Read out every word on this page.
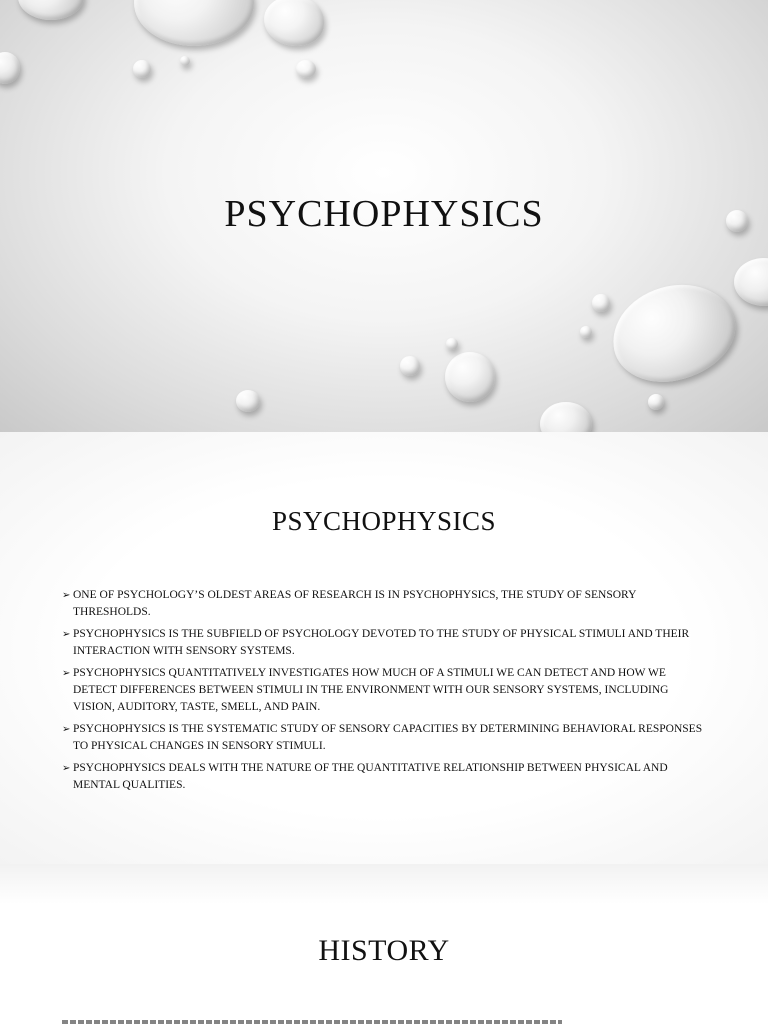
PSYCHOPHYSICS
PSYCHOPHYSICS
➢ ONE OF PSYCHOLOGY’S OLDEST AREAS OF RESEARCH IS IN PSYCHOPHYSICS, THE STUDY OF SENSORY THRESHOLDS.
➢ PSYCHOPHYSICS IS THE SUBFIELD OF PSYCHOLOGY DEVOTED TO THE STUDY OF PHYSICAL STIMULI AND THEIR INTERACTION WITH SENSORY SYSTEMS.
➢ PSYCHOPHYSICS QUANTITATIVELY INVESTIGATES HOW MUCH OF A STIMULI WE CAN DETECT AND HOW WE DETECT DIFFERENCES BETWEEN STIMULI IN THE ENVIRONMENT WITH OUR SENSORY SYSTEMS, INCLUDING VISION, AUDITORY, TASTE, SMELL, AND PAIN.
➢ PSYCHOPHYSICS IS THE SYSTEMATIC STUDY OF SENSORY CAPACITIES BY DETERMINING BEHAVIORAL RESPONSES TO PHYSICAL CHANGES IN SENSORY STIMULI.
➢ PSYCHOPHYSICS DEALS WITH THE NATURE OF THE QUANTITATIVE RELATIONSHIP BETWEEN PHYSICAL AND MENTAL QUALITIES.
HISTORY
